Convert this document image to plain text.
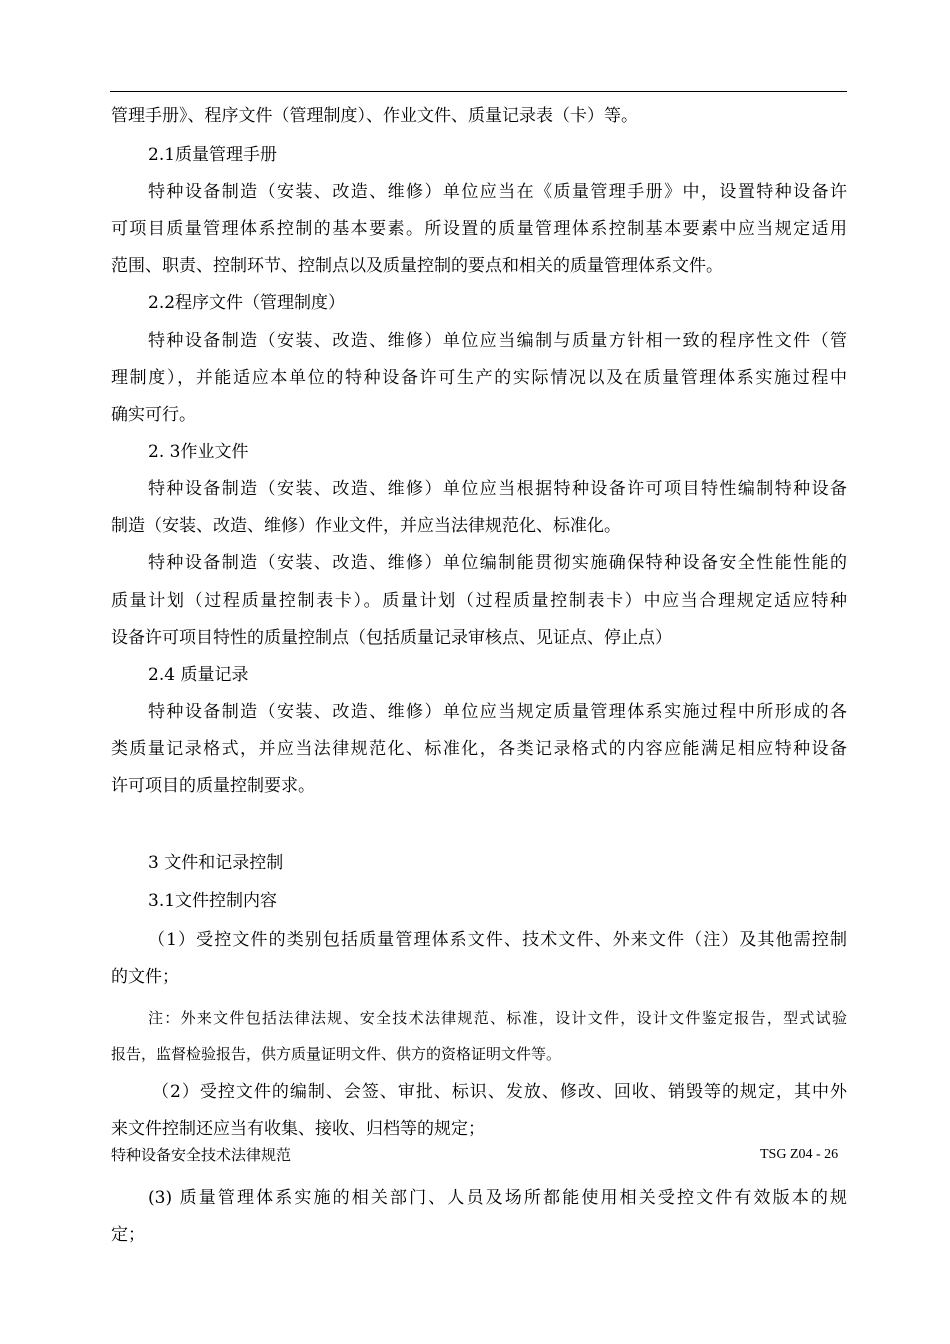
管理手册》、程序文件（管理制度）、作业文件、质量记录表（卡）等。
2.1质量管理手册
特种设备制造（安装、改造、维修）单位应当在《质量管理手册》中，设置特种设备许
可项目质量管理体系控制的基本要素。所设置的质量管理体系控制基本要素中应当规定适用
范围、职责、控制环节、控制点以及质量控制的要点和相关的质量管理体系文件。
2.2程序文件（管理制度）
特种设备制造（安装、改造、维修）单位应当编制与质量方针相一致的程序性文件（管
理制度），并能适应本单位的特种设备许可生产的实际情况以及在质量管理体系实施过程中
确实可行。
2. 3作业文件
特种设备制造（安装、改造、维修）单位应当根据特种设备许可项目特性编制特种设备
制造（安装、改造、维修）作业文件，并应当法律规范化、标准化。
特种设备制造（安装、改造、维修）单位编制能贯彻实施确保特种设备安全性能性能的
质量计划（过程质量控制表卡）。质量计划（过程质量控制表卡）中应当合理规定适应特种
设备许可项目特性的质量控制点（包括质量记录审核点、见证点、停止点）
2.4 质量记录
特种设备制造（安装、改造、维修）单位应当规定质量管理体系实施过程中所形成的各
类质量记录格式，并应当法律规范化、标准化，各类记录格式的内容应能满足相应特种设备
许可项目的质量控制要求。
3 文件和记录控制
3.1文件控制内容
（1）受控文件的类别包括质量管理体系文件、技术文件、外来文件（注）及其他需控制
的文件；
注：外来文件包括法律法规、安全技术法律规范、标准，设计文件，设计文件鉴定报告，型式试验
报告，监督检验报告，供方质量证明文件、供方的资格证明文件等。
（2）受控文件的编制、会签、审批、标识、发放、修改、回收、销毁等的规定，其中外
来文件控制还应当有收集、接收、归档等的规定；
特种设备安全技术法律规范	TSG Z04 - 26
(3) 质量管理体系实施的相关部门、人员及场所都能使用相关受控文件有效版本的规
定；
